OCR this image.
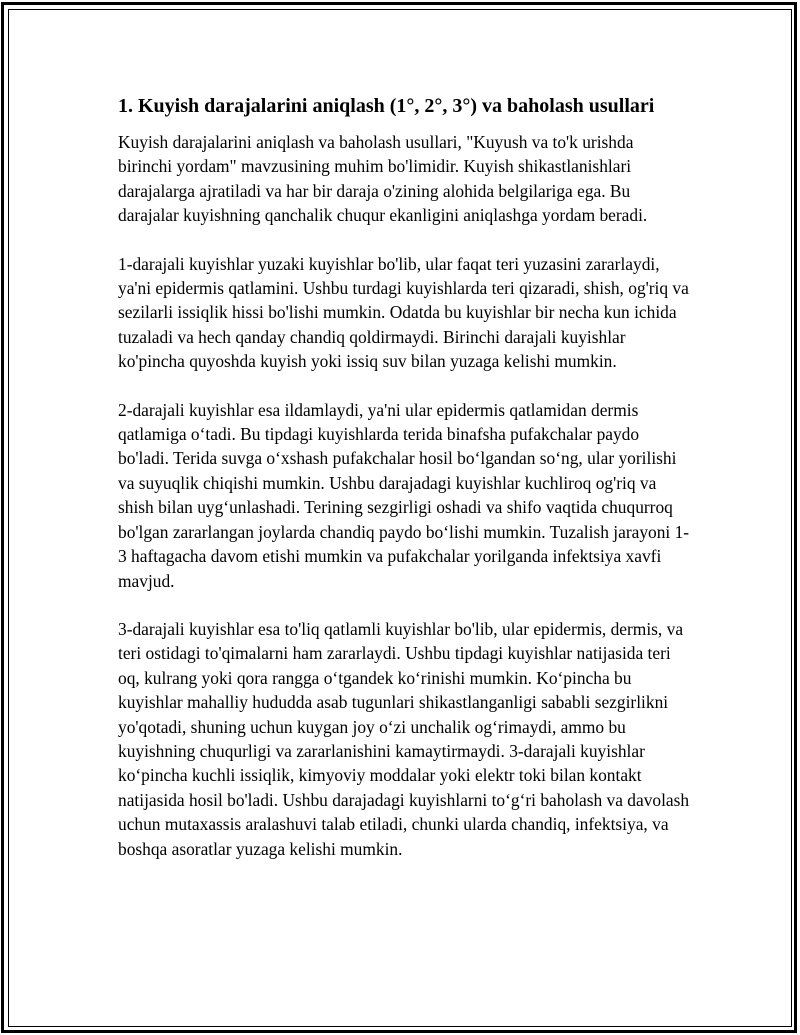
1. Kuyish darajalarini aniqlash (1°, 2°, 3°) va baholash usullari

Kuyish darajalarini aniqlash va baholash usullari, "Kuyush va to'k urishda birinchi yordam" mavzusining muhim bo'limidir. Kuyish shikastlanishlari darajalarga ajratiladi va har bir daraja o'zining alohida belgilariga ega. Bu darajalar kuyishning qanchalik chuqur ekanligini aniqlashga yordam beradi.

1-darajali kuyishlar yuzaki kuyishlar bo'lib, ular faqat teri yuzasini zararlaydi, ya'ni epidermis qatlamini. Ushbu turdagi kuyishlarda teri qizaradi, shish, og'riq va sezilarli issiqlik hissi bo'lishi mumkin. Odatda bu kuyishlar bir necha kun ichida tuzaladi va hech qanday chandiq qoldirmaydi. Birinchi darajali kuyishlar ko'pincha quyoshda kuyish yoki issiq suv bilan yuzaga kelishi mumkin.

2-darajali kuyishlar esa ildamlaydi, ya'ni ular epidermis qatlamidan dermis qatlamiga o‘tadi. Bu tipdagi kuyishlarda terida binafsha pufakchalar paydo bo'ladi. Terida suvga o‘xshash pufakchalar hosil bo‘lgandan so‘ng, ular yorilishi va suyuqlik chiqishi mumkin. Ushbu darajadagi kuyishlar kuchliroq og'riq va shish bilan uyg‘unlashadi. Terining sezgirligi oshadi va shifo vaqtida chuqurroq bo'lgan zararlangan joylarda chandiq paydo bo‘lishi mumkin. Tuzalish jarayoni 1-3 haftagacha davom etishi mumkin va pufakchalar yorilganda infektsiya xavfi mavjud.

3-darajali kuyishlar esa to'liq qatlamli kuyishlar bo'lib, ular epidermis, dermis, va teri ostidagi to'qimalarni ham zararlaydi. Ushbu tipdagi kuyishlar natijasida teri oq, kulrang yoki qora rangga o‘tgandek ko‘rinishi mumkin. Ko‘pincha bu kuyishlar mahalliy hududda asab tugunlari shikastlanganligi sababli sezgirlikni yo'qotadi, shuning uchun kuygan joy o‘zi unchalik og‘rimaydi, ammo bu kuyishning chuqurligi va zararlanishini kamaytirmaydi. 3-darajali kuyishlar ko‘pincha kuchli issiqlik, kimyoviy moddalar yoki elektr toki bilan kontakt natijasida hosil bo'ladi. Ushbu darajadagi kuyishlarni to‘g‘ri baholash va davolash uchun mutaxassis aralashuvi talab etiladi, chunki ularda chandiq, infektsiya, va boshqa asoratlar yuzaga kelishi mumkin.
